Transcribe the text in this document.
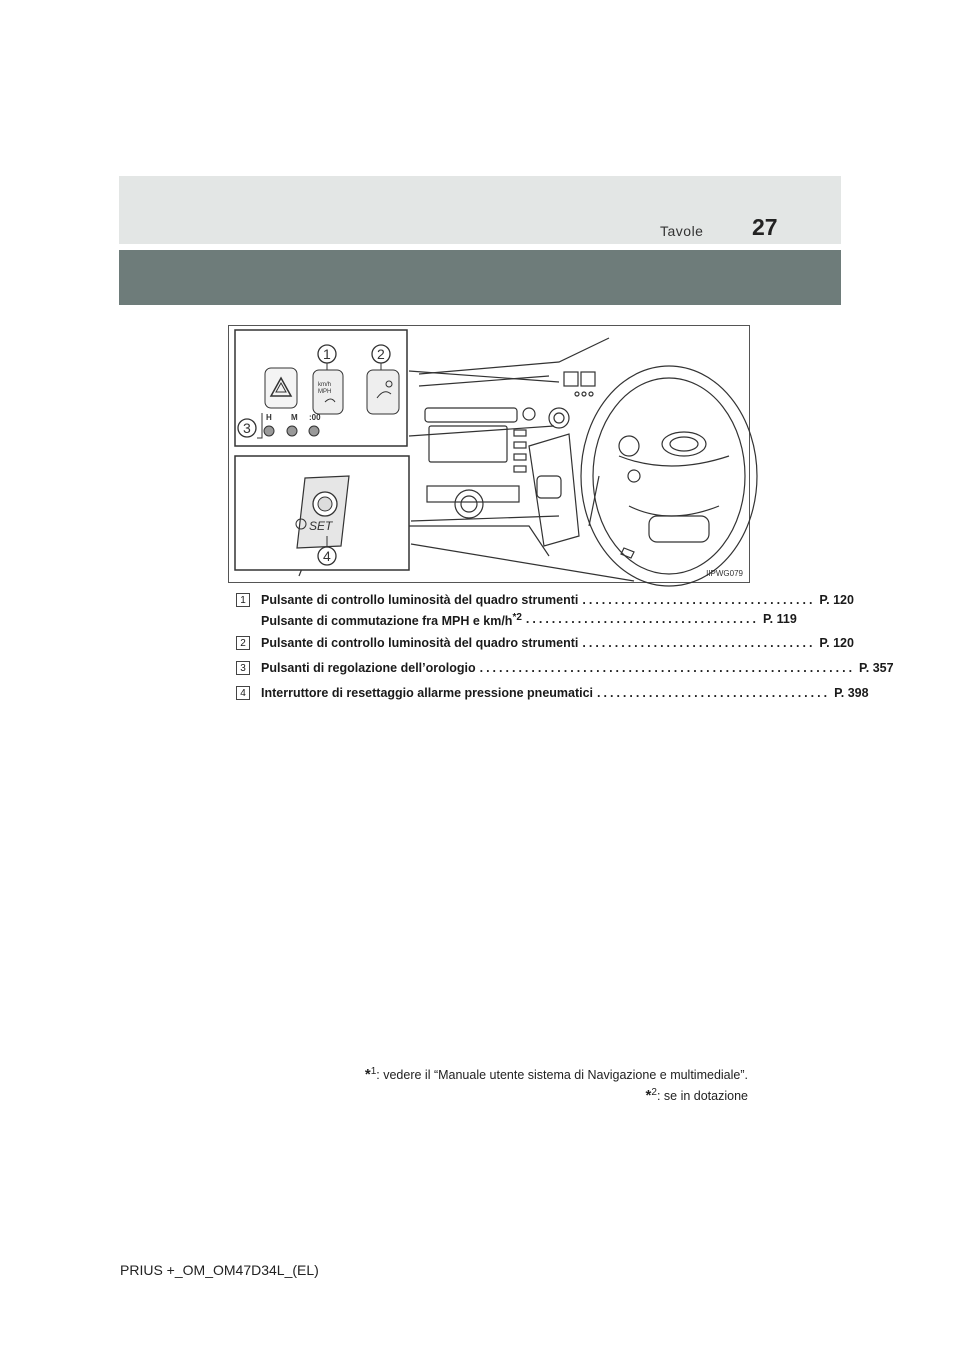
Tavole 27
km/h
MPH
H M :00
1	2
3
SET
4
IIPWG079
1	Pulsante di controllo luminosità del quadro strumenti .................................... P. 120
Pulsante di commutazione fra MPH e $km/h^{*2}$ .................................... P. 119
2	Pulsante di controllo luminosità del quadro strumenti .................................... P. 120
3	Pulsanti di regolazione dell’orologio .......................................................... P. 357
4	Interruttore di resettaggio allarme pressione pneumatici .................................... P. 398
*$^1$: vedere il “Manuale utente sistema di Navigazione e multimediale”.
*$^2$: se in dotazione
PRIUS +_OM_OM47D34L_(EL)
